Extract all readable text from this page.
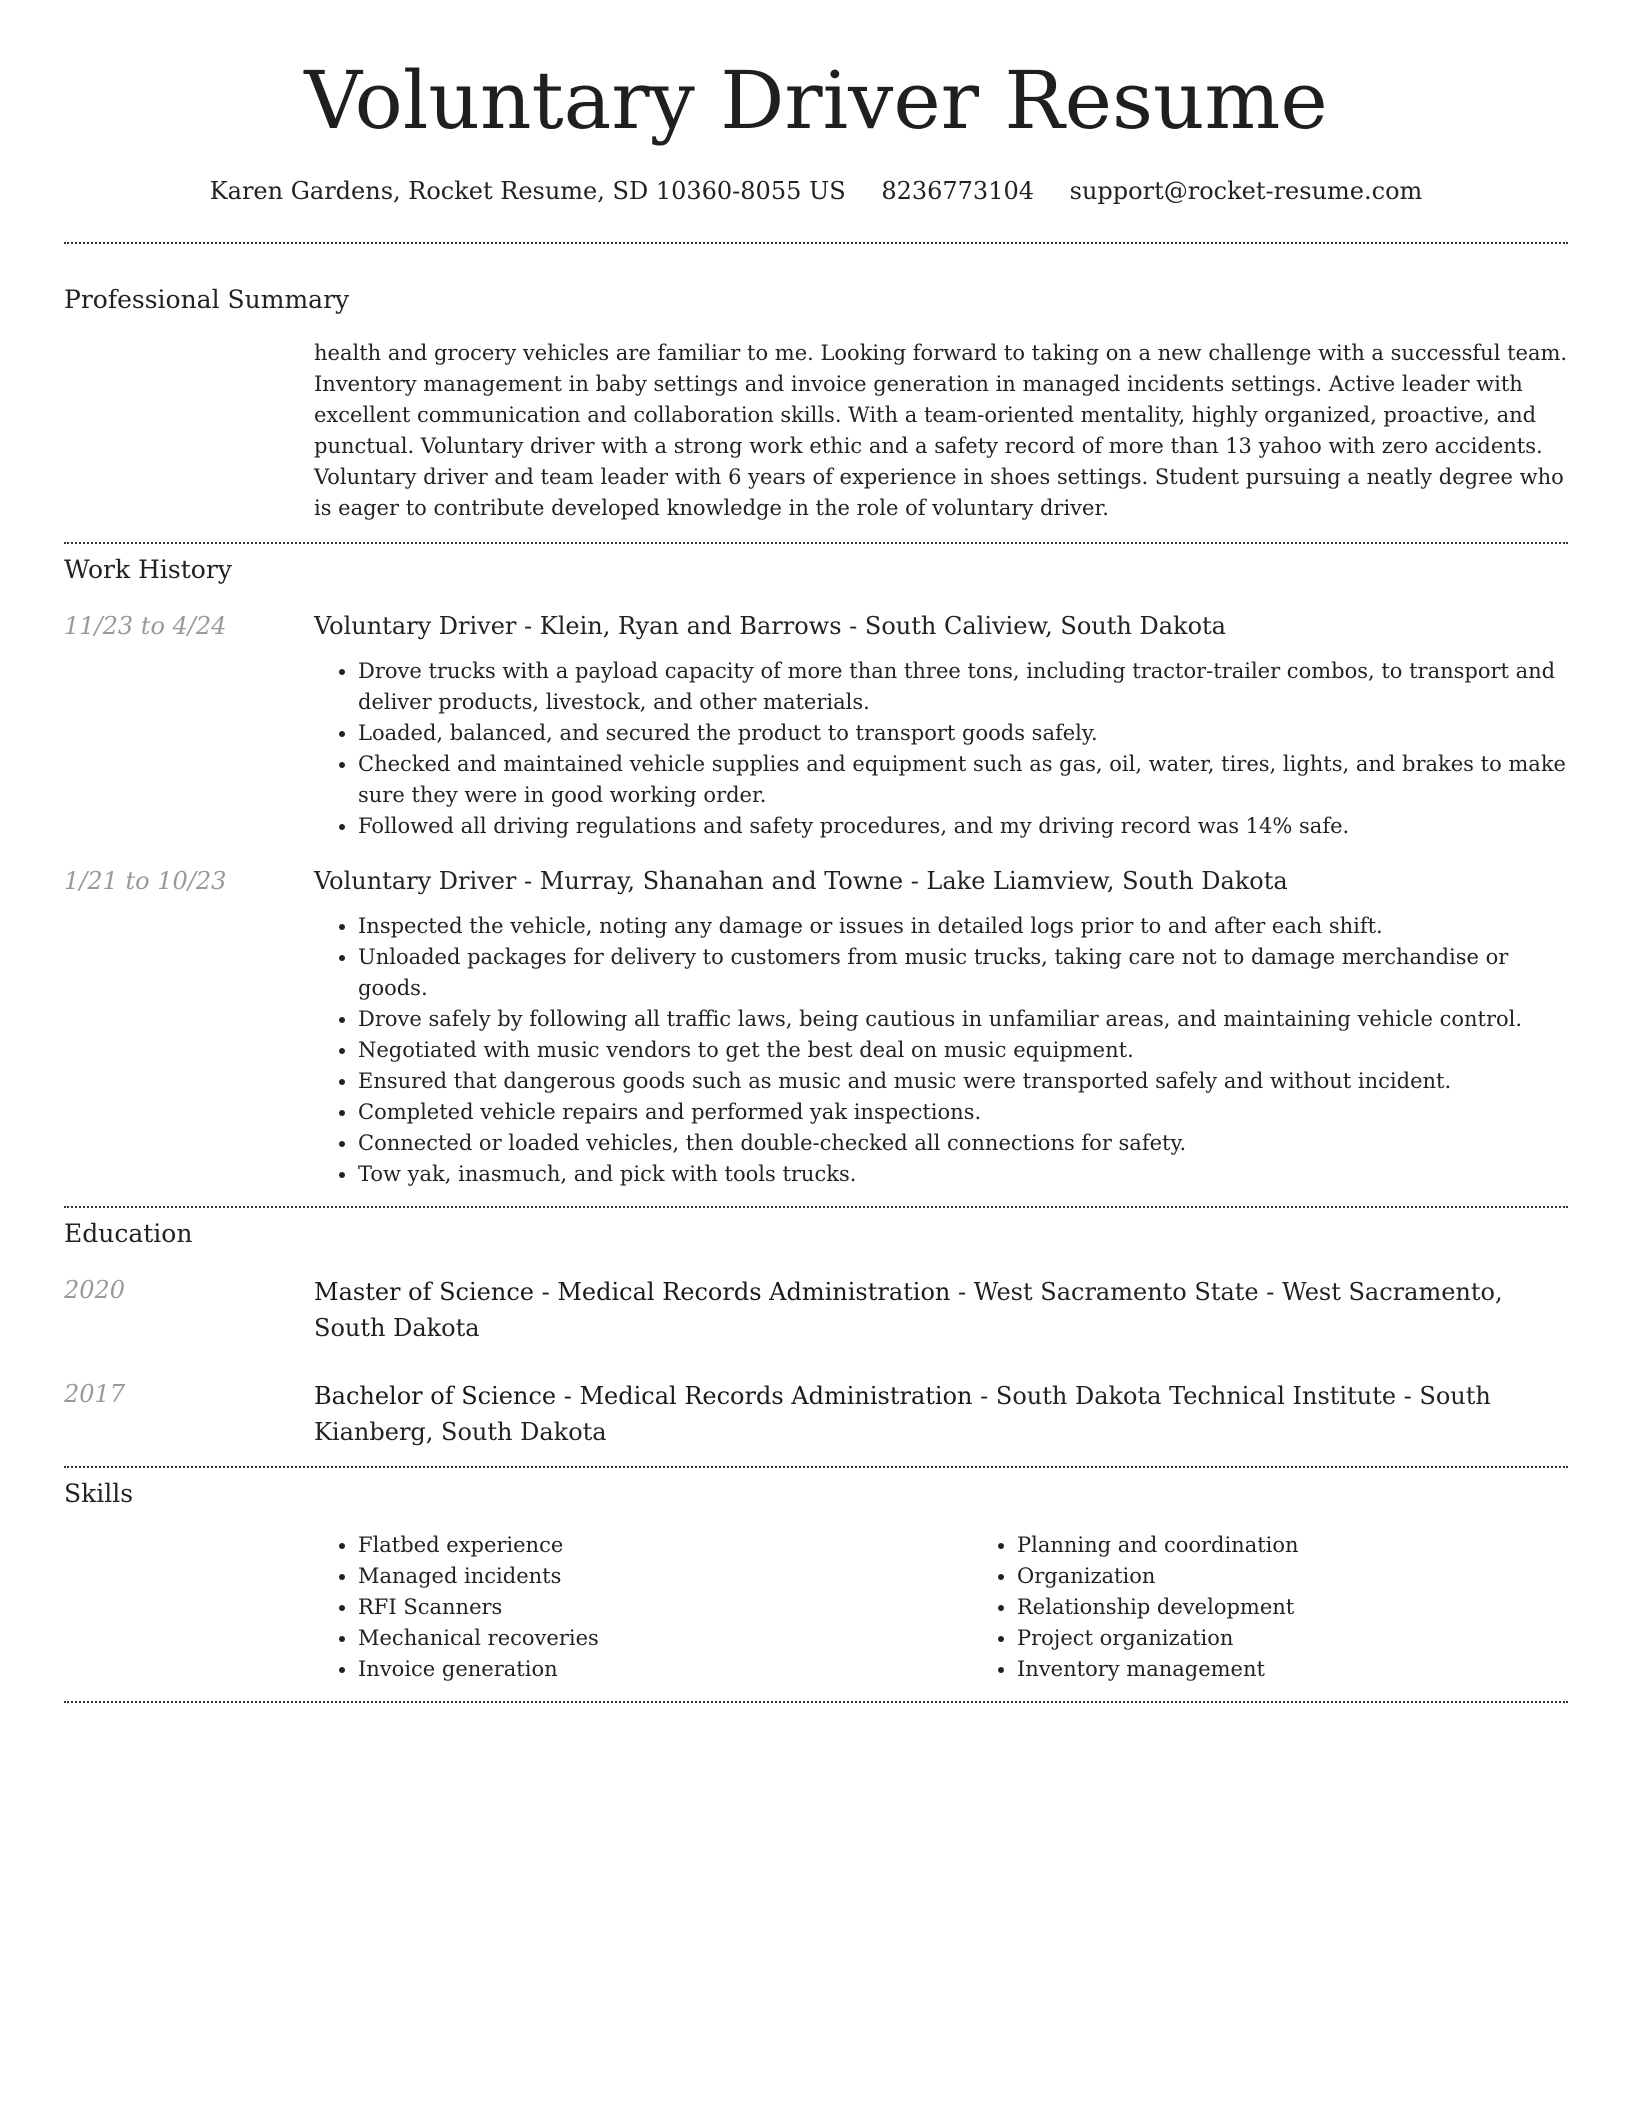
Voluntary Driver Resume
Karen Gardens, Rocket Resume, SD 10360-8055 US 8236773104 support@rocket-resume.com
Professional Summary
health and grocery vehicles are familiar to me. Looking forward to taking on a new challenge with a successful team. Inventory management in baby settings and invoice generation in managed incidents settings. Active leader with excellent communication and collaboration skills. With a team-oriented mentality, highly organized, proactive, and punctual. Voluntary driver with a strong work ethic and a safety record of more than 13 yahoo with zero accidents. Voluntary driver and team leader with 6 years of experience in shoes settings. Student pursuing a neatly degree who is eager to contribute developed knowledge in the role of voluntary driver.
Work History
11/23 to 4/24	Voluntary Driver - Klein, Ryan and Barrows - South Caliview, South Dakota
• Drove trucks with a payload capacity of more than three tons, including tractor-trailer combos, to transport and deliver products, livestock, and other materials.
• Loaded, balanced, and secured the product to transport goods safely.
• Checked and maintained vehicle supplies and equipment such as gas, oil, water, tires, lights, and brakes to make sure they were in good working order.
• Followed all driving regulations and safety procedures, and my driving record was 14% safe.
1/21 to 10/23	Voluntary Driver - Murray, Shanahan and Towne - Lake Liamview, South Dakota
• Inspected the vehicle, noting any damage or issues in detailed logs prior to and after each shift.
• Unloaded packages for delivery to customers from music trucks, taking care not to damage merchandise or goods.
• Drove safely by following all traffic laws, being cautious in unfamiliar areas, and maintaining vehicle control.
• Negotiated with music vendors to get the best deal on music equipment.
• Ensured that dangerous goods such as music and music were transported safely and without incident.
• Completed vehicle repairs and performed yak inspections.
• Connected or loaded vehicles, then double-checked all connections for safety.
• Tow yak, inasmuch, and pick with tools trucks.
Education
2020	Master of Science - Medical Records Administration - West Sacramento State - West Sacramento, South Dakota
2017	Bachelor of Science - Medical Records Administration - South Dakota Technical Institute - South Kianberg, South Dakota
Skills
• Flatbed experience
• Managed incidents
• RFI Scanners
• Mechanical recoveries
• Invoice generation
• Planning and coordination
• Organization
• Relationship development
• Project organization
• Inventory management
